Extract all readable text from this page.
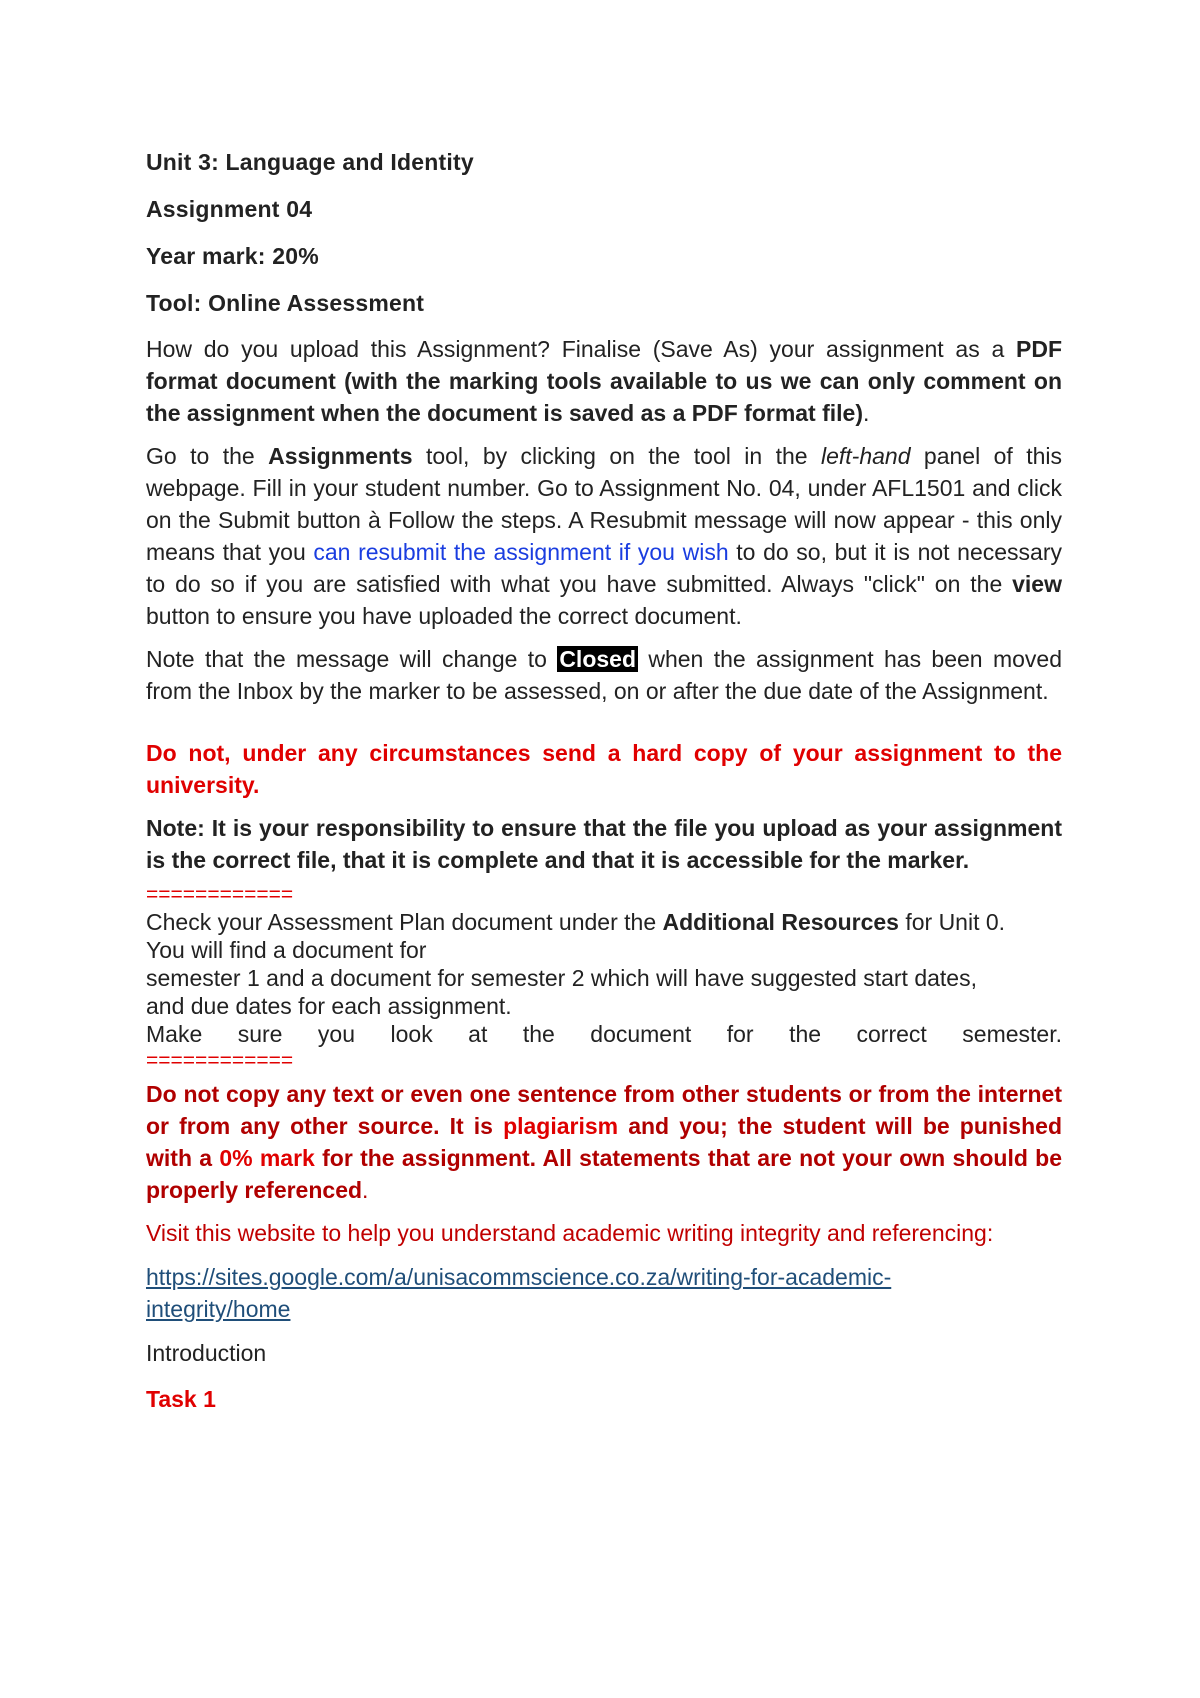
Unit 3: Language and Identity
Assignment 04
Year mark: 20%
Tool: Online Assessment
How do you upload this Assignment? Finalise (Save As) your assignment as a PDF format document (with the marking tools available to us we can only comment on the assignment when the document is saved as a PDF format file).
Go to the Assignments tool, by clicking on the tool in the left-hand panel of this webpage. Fill in your student number. Go to Assignment No. 04, under AFL1501 and click on the Submit button à Follow the steps. A Resubmit message will now appear - this only means that you can resubmit the assignment if you wish to do so, but it is not necessary to do so if you are satisfied with what you have submitted. Always "click" on the view button to ensure you have uploaded the correct document.
Note that the message will change to Closed when the assignment has been moved from the Inbox by the marker to be assessed, on or after the due date of the Assignment.
Do not, under any circumstances send a hard copy of your assignment to the university.
Note: It is your responsibility to ensure that the file you upload as your assignment is the correct file, that it is complete and that it is accessible for the marker.
============
Check your Assessment Plan document under the Additional Resources for Unit 0.
You will find a document for
semester 1 and a document for semester 2 which will have suggested start dates,
and due dates for each assignment.
Make sure you look at the document for the correct semester.
============
Do not copy any text or even one sentence from other students or from the internet or from any other source. It is plagiarism and you; the student will be punished with a 0% mark for the assignment. All statements that are not your own should be properly referenced.
Visit this website to help you understand academic writing integrity and referencing:
https://sites.google.com/a/unisacommscience.co.za/writing-for-academic-
integrity/home
Introduction
Task 1
